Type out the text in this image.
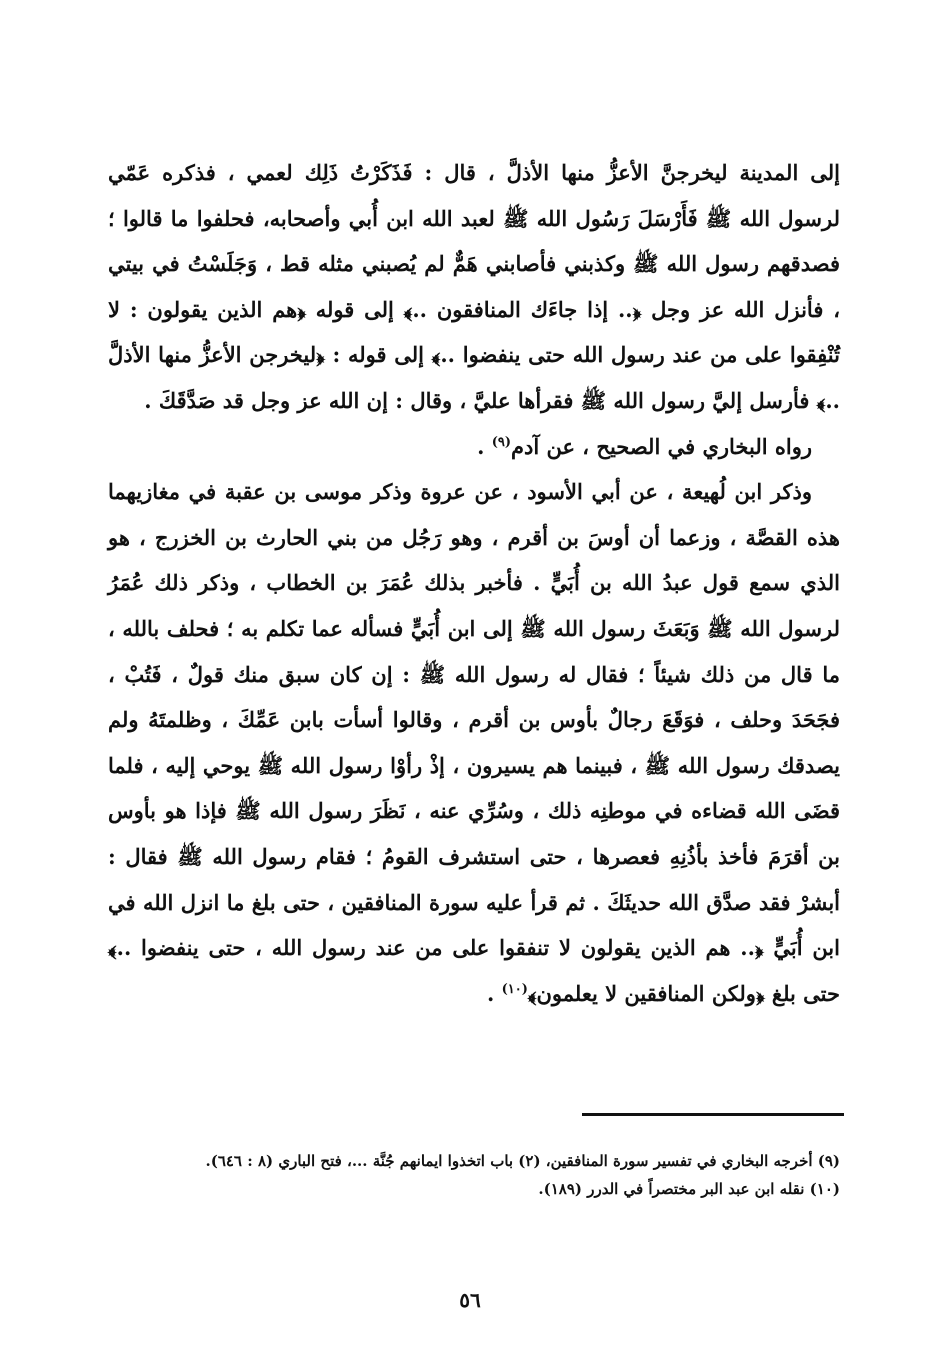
إلى المدينة ليخرجنَّ الأعزُّ منها الأذلَّ ، قال : فَذَكَرْتُ ذَلِك لعمي ، فذكره عَمّي لرسول الله ﷺ فَأَرْسَلَ رَسُول الله ﷺ لعبد الله ابن أُبي وأصحابه، فحلفوا ما قالوا ؛ فصدقهم رسول الله ﷺ وكذبني فأصابني هَمٌّ لم يُصبني مثله قط ، وَجَلَسْتُ في بيتي ، فأنزل الله عز وجل ﴿.. إذا جاءَك المنافقون ..﴾ إلى قوله ﴿هم الذين يقولون : لا تُنْفِقوا على من عند رسول الله حتى ينفضوا ..﴾ إلى قوله : ﴿ليخرجن الأعزُّ منها الأذلَّ ..﴾ فأرسل إليَّ رسول الله ﷺ فقرأها عليَّ ، وقال : إن الله عز وجل قد صَدَّقَكَ .

رواه البخاري في الصحيح ، عن آدم$^{(٩)}$ .

وذكر ابن لُهيعة ، عن أبي الأسود ، عن عروة وذكر موسى بن عقبة في مغازيهما هذه القصَّة ، وزعما أن أوسَ بن أقرم ، وهو رَجُل من بني الحارث بن الخزرج ، هو الذي سمع قول عبدُ الله بن أُبَيٍّ . فأخبر بذلك عُمَرَ بن الخطاب ، وذكر ذلك عُمَرُ لرسول الله ﷺ وَبَعَثَ رسول الله ﷺ إلى ابن أُبَيٍّ فسأله عما تكلم به ؛ فحلف بالله ، ما قال من ذلك شيئاً ؛ فقال له رسول الله ﷺ : إن كان سبق منك قولٌ ، فَتُبْ ، فجَحَدَ وحلف ، فوَقَعَ رجالٌ بأوس بن أقرم ، وقالوا أسأت بابن عَمِّكَ ، وظلمتَهُ ولم يصدقك رسول الله ﷺ ، فبينما هم يسيرون ، إذْ رأوْا رسول الله ﷺ يوحي إليه ، فلما قضَى الله قضاءه في موطنِه ذلك ، وسُرِّي عنه ، نَظَرَ رسول الله ﷺ فإذا هو بأوس بن أقرَمَ فأخذ بأذُنِهِ فعصرها ، حتى استشرف القومُ ؛ فقام رسول الله ﷺ فقال : أبشرْ فقد صدَّق الله حديثَكَ . ثم قرأ عليه سورة المنافقين ، حتى بلغ ما انزل الله في ابن أُبَيٍّ ﴿.. هم الذين يقولون لا تنفقوا على من عند رسول الله ، حتى ينفضوا ..﴾ حتى بلغ ﴿ولكن المنافقين لا يعلمون﴾$^{(١٠)}$ .

(٩) أخرجه البخاري في تفسير سورة المنافقين، (٢) باب اتخذوا ايمانهم جُنَّة ...، فتح الباري (٨ : ٦٤٦).

(١٠) نقله ابن عبد البر مختصراً في الدرر (١٨٩).

٥٦
